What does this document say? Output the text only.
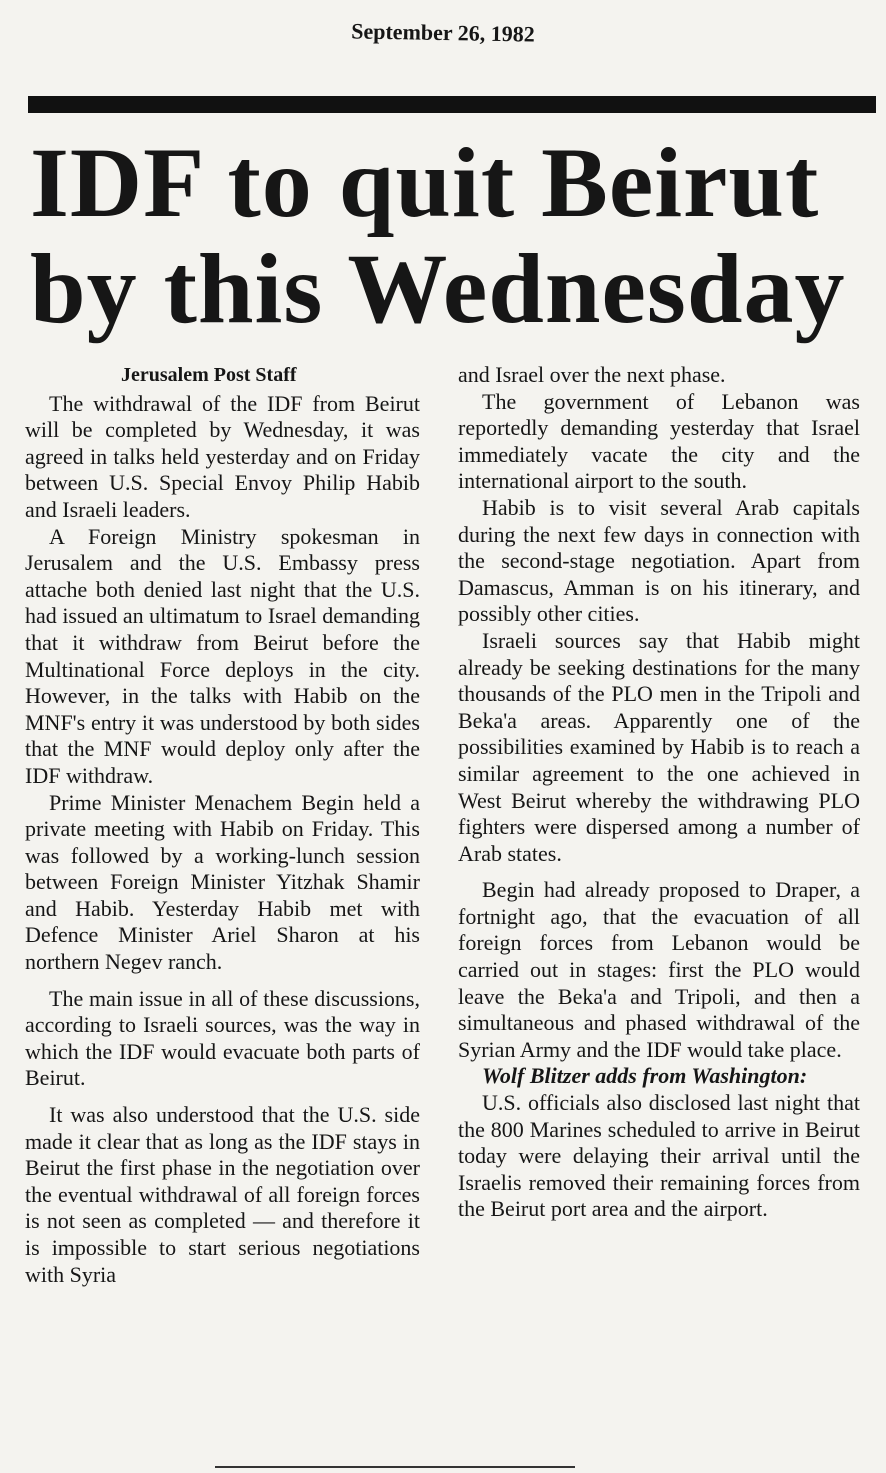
September 26, 1982
IDF to quit Beirut by this Wednesday
Jerusalem Post Staff

The withdrawal of the IDF from Beirut will be completed by Wednesday, it was agreed in talks held yesterday and on Friday between U.S. Special Envoy Philip Habib and Israeli leaders.

A Foreign Ministry spokesman in Jerusalem and the U.S. Embassy press attache both denied last night that the U.S. had issued an ultimatum to Israel demanding that it withdraw from Beirut before the Multinational Force deploys in the city. However, in the talks with Habib on the MNF's entry it was understood by both sides that the MNF would deploy only after the IDF withdraw.

Prime Minister Menachem Begin held a private meeting with Habib on Friday. This was followed by a working-lunch session between Foreign Minister Yitzhak Shamir and Habib. Yesterday Habib met with Defence Minister Ariel Sharon at his northern Negev ranch.

The main issue in all of these discussions, according to Israeli sources, was the way in which the IDF would evacuate both parts of Beirut.

It was also understood that the U.S. side made it clear that as long as the IDF stays in Beirut the first phase in the negotiation over the eventual withdrawal of all foreign forces is not seen as completed — and therefore it is impossible to start serious negotiations with Syria

and Israel over the next phase.

The government of Lebanon was reportedly demanding yesterday that Israel immediately vacate the city and the international airport to the south.

Habib is to visit several Arab capitals during the next few days in connection with the second-stage negotiation. Apart from Damascus, Amman is on his itinerary, and possibly other cities.

Israeli sources say that Habib might already be seeking destinations for the many thousands of the PLO men in the Tripoli and Beka'a areas. Apparently one of the possibilities examined by Habib is to reach a similar agreement to the one achieved in West Beirut whereby the withdrawing PLO fighters were dispersed among a number of Arab states.

Begin had already proposed to Draper, a fortnight ago, that the evacuation of all foreign forces from Lebanon would be carried out in stages: first the PLO would leave the Beka'a and Tripoli, and then a simultaneous and phased withdrawal of the Syrian Army and the IDF would take place.

Wolf Blitzer adds from Washington:

U.S. officials also disclosed last night that the 800 Marines scheduled to arrive in Beirut today were delaying their arrival until the Israelis removed their remaining forces from the Beirut port area and the airport.
